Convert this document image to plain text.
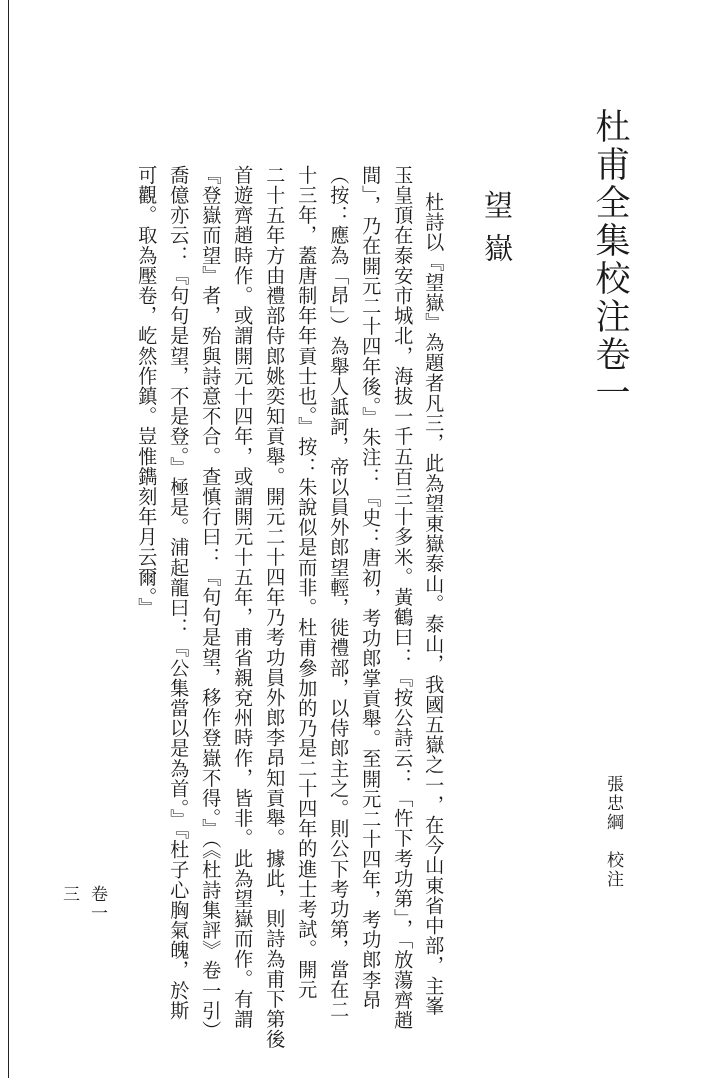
杜甫全集校注卷一
張忠綱　校注
望嶽
杜詩以『望嶽』為題者凡三，此為望東嶽泰山。泰山，我國五嶽之一，在今山東省中部，主峯
玉皇頂在泰安市城北，海拔一千五百三十多米。黃鶴曰：『按公詩云：「忤下考功第」，「放蕩齊趙
間」，乃在開元二十四年後。』朱注：『史：唐初，考功郎掌貢舉。至開元二十四年，考功郎李昂
（按：應為「昂」）為舉人詆訶，帝以員外郎望輕，徙禮部，以侍郎主之。則公下考功第，當在二
十三年，蓋唐制年年貢士也。』按：朱說似是而非。杜甫參加的乃是二十四年的進士考試。開元
二十五年方由禮部侍郎姚奕知貢舉。開元二十四年乃考功員外郎李昂知貢舉。據此，則詩為甫下第後
首遊齊趙時作。或謂開元十四年，或謂開元十五年，甫省親兗州時作，皆非。此為望嶽而作。有謂
『登嶽而望』者，殆與詩意不合。查慎行曰：『句句是望，移作登嶽不得。』（《杜詩集評》卷一引）
喬億亦云：『句句是望，不是登。』極是。浦起龍曰：『公集當以是為首。』『杜子心胸氣魄，於斯
可觀。取為壓卷，屹然作鎮。豈惟鐫刻年月云爾。』
卷一
三
